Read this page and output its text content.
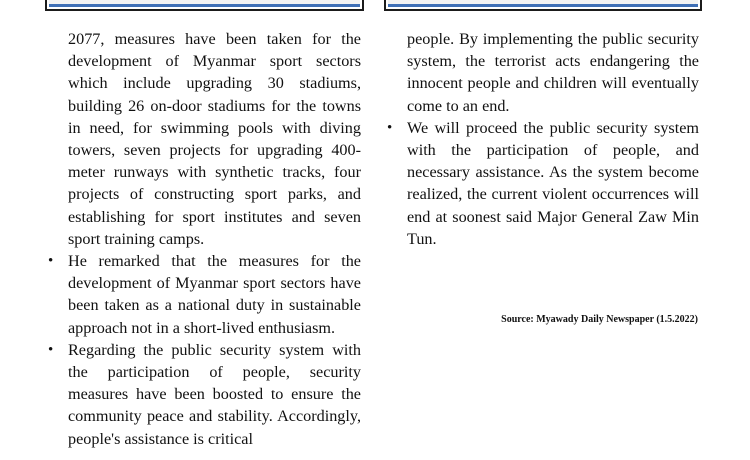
2077, measures have been taken for the development of Myanmar sport sectors which include upgrading 30 stadiums, building 26 on-door stadiums for the towns in need, for swimming pools with diving towers, seven projects for upgrading 400-meter runways with synthetic tracks, four projects of constructing sport parks, and establishing for sport institutes and seven sport training camps.

• He remarked that the measures for the development of Myanmar sport sectors have been taken as a national duty in sustainable approach not in a short-lived enthusiasm.
• Regarding the public security system with the participation of people, security measures have been boosted to ensure the community peace and stability. Accordingly, people's assistance is critical

people. By implementing the public security system, the terrorist acts endangering the innocent people and children will eventually come to an end.

• We will proceed the public security system with the participation of people, and necessary assistance. As the system become realized, the current violent occurrences will end at soonest said Major General Zaw Min Tun.
Source: Myawady Daily Newspaper (1.5.2022)
